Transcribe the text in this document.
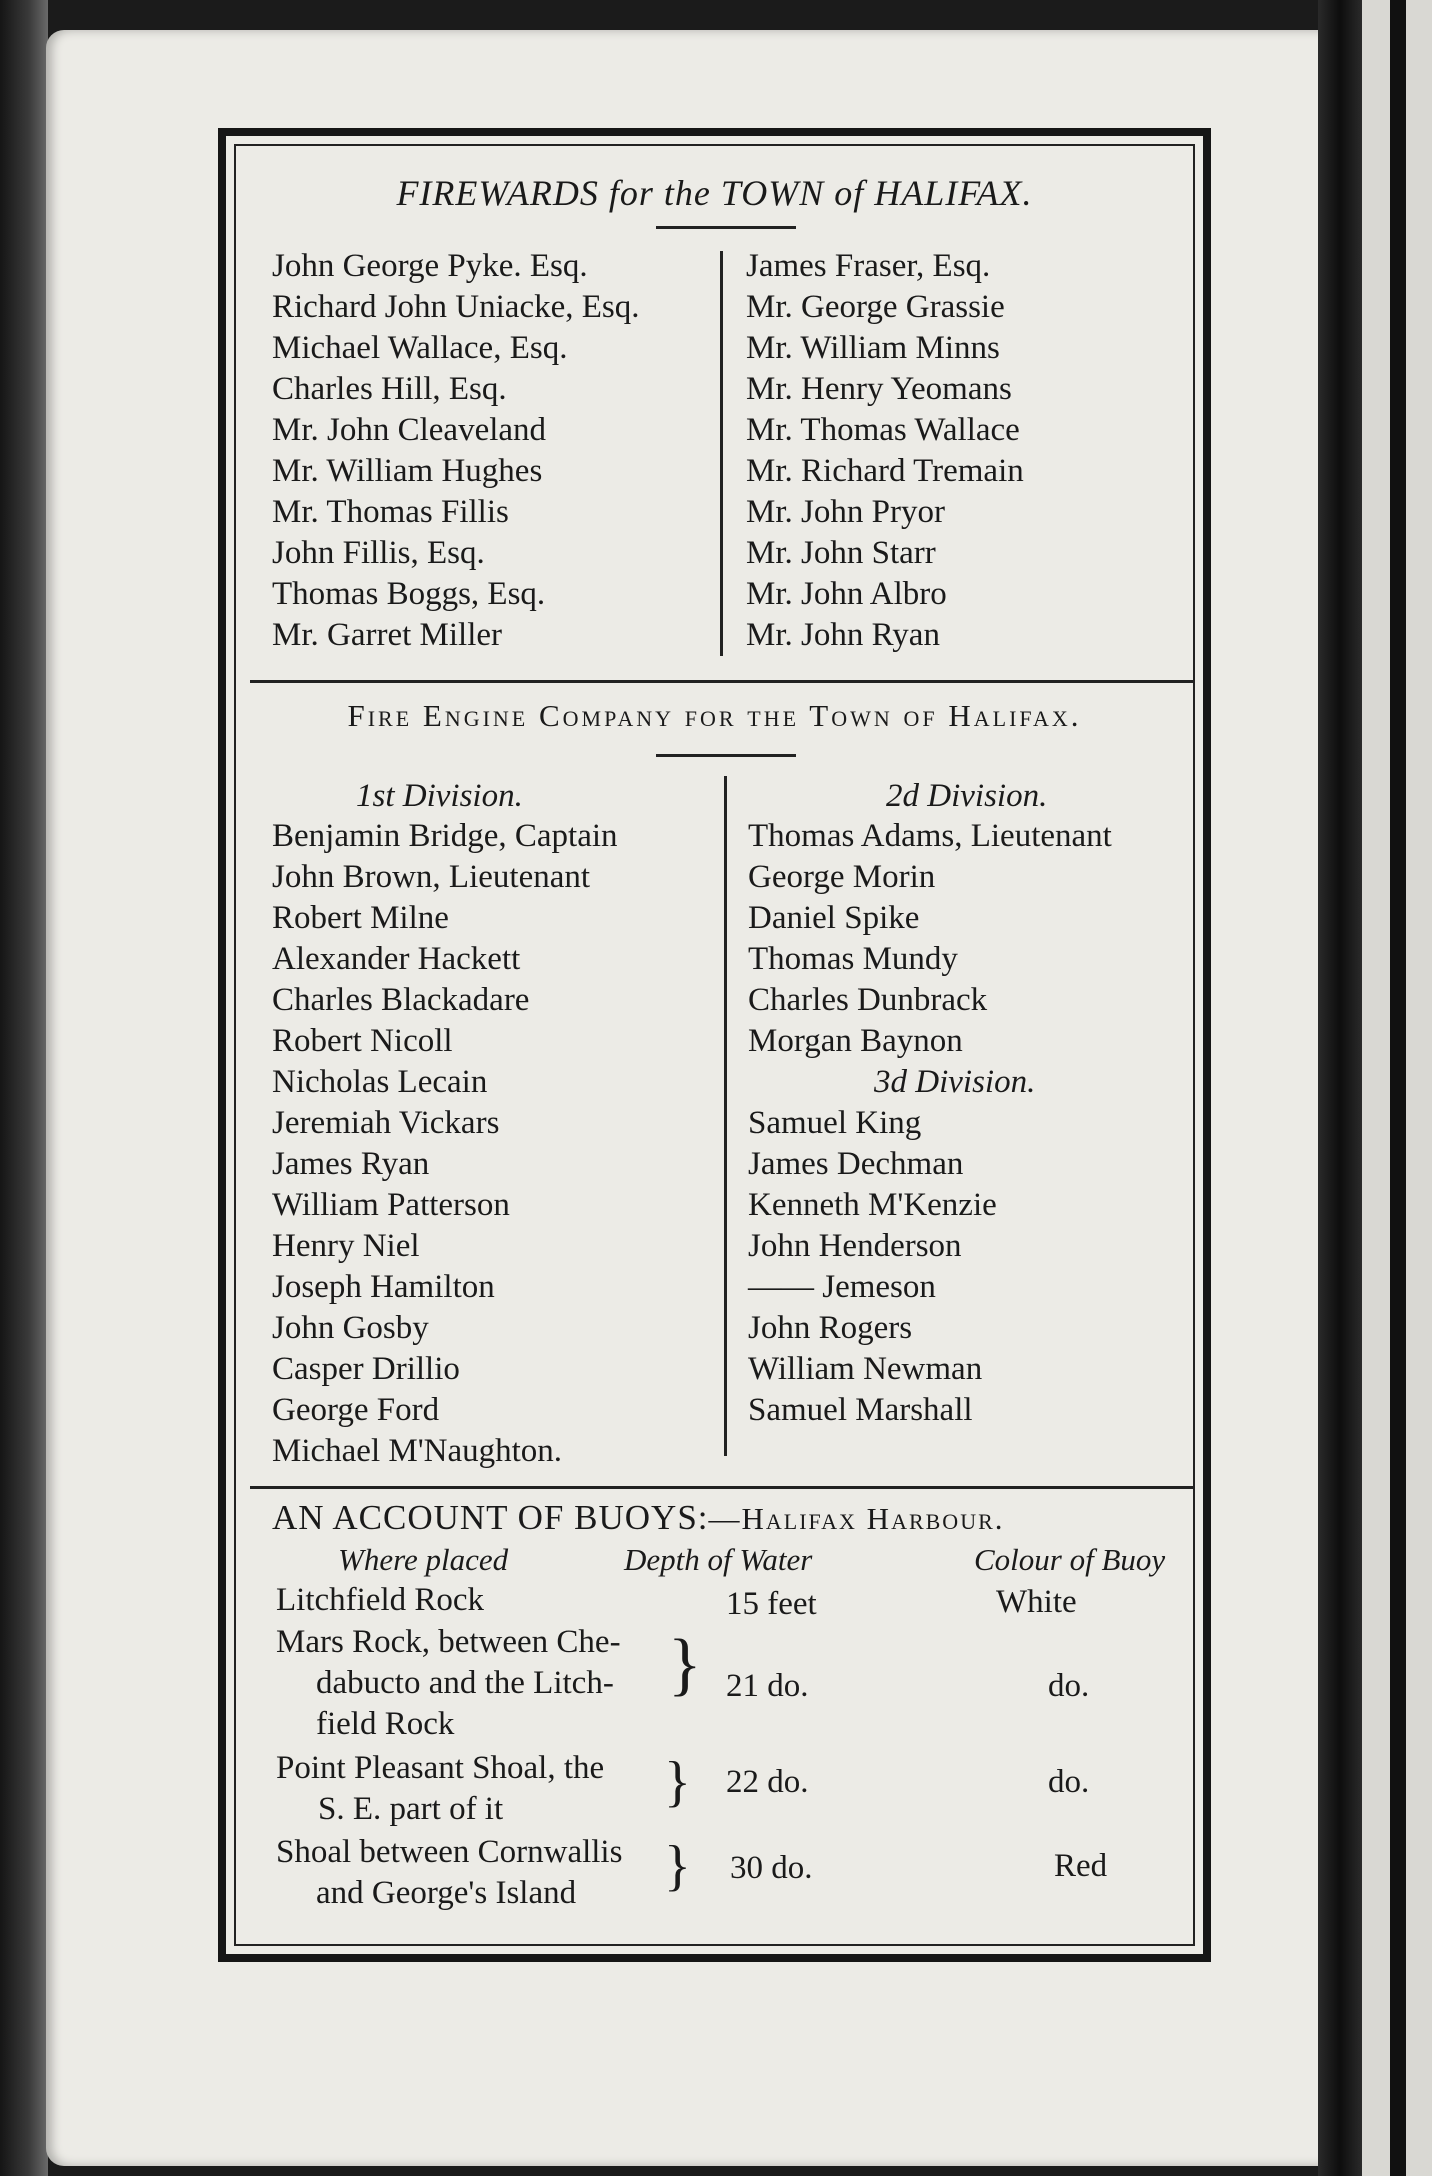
FIREWARDS for the TOWN of HALIFAX.
John George Pyke. Esq.
Richard John Uniacke, Esq.
Michael Wallace, Esq.
Charles Hill, Esq.
Mr. John Cleaveland
Mr. William Hughes
Mr. Thomas Fillis
John Fillis, Esq.
Thomas Boggs, Esq.
Mr. Garret Miller
James Fraser, Esq.
Mr. George Grassie
Mr. William Minns
Mr. Henry Yeomans
Mr. Thomas Wallace
Mr. Richard Tremain
Mr. John Pryor
Mr. John Starr
Mr. John Albro
Mr. John Ryan
Fire Engine Company for the Town of Halifax.
1st Division.
Benjamin Bridge, Captain
John Brown, Lieutenant
Robert Milne
Alexander Hackett
Charles Blackadare
Robert Nicoll
Nicholas Lecain
Jeremiah Vickars
James Ryan
William Patterson
Henry Niel
Joseph Hamilton
John Gosby
Casper Drillio
George Ford
Michael M'Naughton.
2d Division.
Thomas Adams, Lieutenant
George Morin
Daniel Spike
Thomas Mundy
Charles Dunbrack
Morgan Baynon
3d Division.
Samuel King
James Dechman
Kenneth M'Kenzie
John Henderson
—— Jemeson
John Rogers
William Newman
Samuel Marshall
AN ACCOUNT OF BUOYS:—Halifax Harbour.
Where placed	Depth of Water	Colour of Buoy
Litchfield Rock	15 feet	White
Mars Rock, between Che-
dabucto and the Litch-
field Rock
} 21 do.	do.
Point Pleasant Shoal, the
S. E. part of it	} 22 do.	do.
Shoal between Cornwallis
and George's Island } 30 do.	Red
